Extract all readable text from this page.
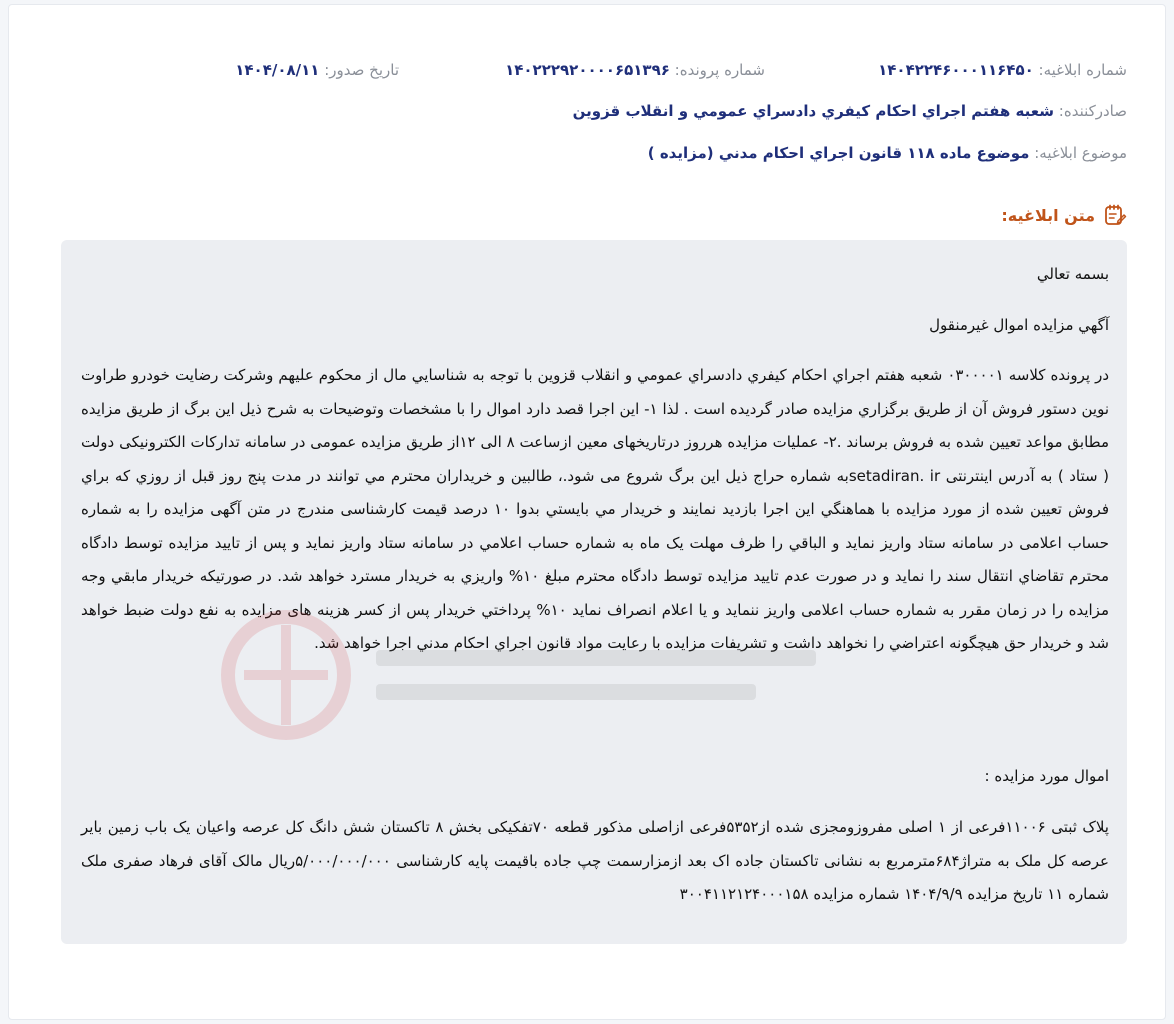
شماره ابلاغيه: ۱۴۰۴۲۲۴۶۰۰۰۱۱۶۴۵۰
شماره پرونده: ۱۴۰۲۲۲۹۲۰۰۰۰۶۵۱۳۹۶
تاريخ صدور: ۱۴۰۴/۰۸/۱۱
صادرکننده: شعبه هفتم اجراي احکام کيفري دادسراي عمومي و انقلاب قزوين
موضوع ابلاغيه: موضوع ماده ۱۱۸ قانون اجراي احکام مدني (مزايده )
متن ابلاغيه:
بسمه تعالي
آگهي مزايده اموال غيرمنقول
در پرونده کلاسه ۰۳۰۰۰۰۱ شعبه هفتم اجراي احکام کيفري دادسراي عمومي و انقلاب قزوين با توجه به شناسايي مال از محکوم عليهم وشرکت رضایت خودرو طراوت نوين دستور فروش آن از طريق برگزاري مزايده صادر گرديده است . لذا ۱- اين اجرا قصد دارد اموال را با مشخصات وتوضيحات به شرح ذيل اين برگ از طريق مزايده مطابق مواعد تعيين شده به فروش برساند .۲- عمليات مزايده هرروز درتاريخهای معين ازساعت ۸ الی ۱۲از طريق مزايده عمومی در سامانه تدارکات الکترونيکی دولت ( ستاد ) به آدرس اينترنتی setadiran. irبه شماره حراج ذيل اين برگ شروع می شود.، طالبين و خريداران محترم مي توانند در مدت پنج روز قبل از روزي که براي فروش تعيين شده از مورد مزايده با هماهنگي اين اجرا بازديد نمايند و خريدار مي بايستي بدوا ۱۰ درصد قيمت کارشناسی مندرج در متن آگهی مزايده را به شماره حساب اعلامی در سامانه ستاد واريز نمايد و الباقي را ظرف مهلت یک ماه به شماره حساب اعلامي در سامانه ستاد واريز نمايد و پس از تاييد مزايده توسط دادگاه محترم تقاضاي انتقال سند را نمايد و در صورت عدم تاييد مزايده توسط دادگاه محترم مبلغ ۱۰% واريزي به خريدار مسترد خواهد شد. در صورتيکه خريدار مابقي وجه مزايده را در زمان مقرر به شماره حساب اعلامی واريز ننمايد و يا اعلام انصراف نمايد ۱۰% پرداختي خريدار پس از کسر هزينه های مزايده به نفع دولت ضبط خواهد شد و خريدار حق هيچگونه اعتراضي را نخواهد داشت و تشريفات مزايده با رعايت مواد قانون اجراي احکام مدني اجرا خواهد شد.
اموال مورد مزايده :
پلاک ثبتی ۱۱۰۰۶فرعی از ۱ اصلی مفروزومجزی شده از۵۳۵۲فرعی ازاصلی مذکور قطعه ۷۰تفکیکی بخش ۸ تاکستان شش دانگ کل عرصه واعيان يک باب زمين باير عرصه کل ملک به متراژ۶۸۴مترمربع به نشانی تاکستان جاده اک بعد ازمزارسمت چپ جاده باقيمت پايه کارشناسی ۵/۰۰۰/۰۰۰/۰۰۰ريال مالک آقای فرهاد صفری ملک شماره ۱۱ تاريخ مزايده ۱۴۰۴/۹/۹ شماره مزايده ۳۰۰۴۱۱۲۱۲۴۰۰۰۱۵۸
